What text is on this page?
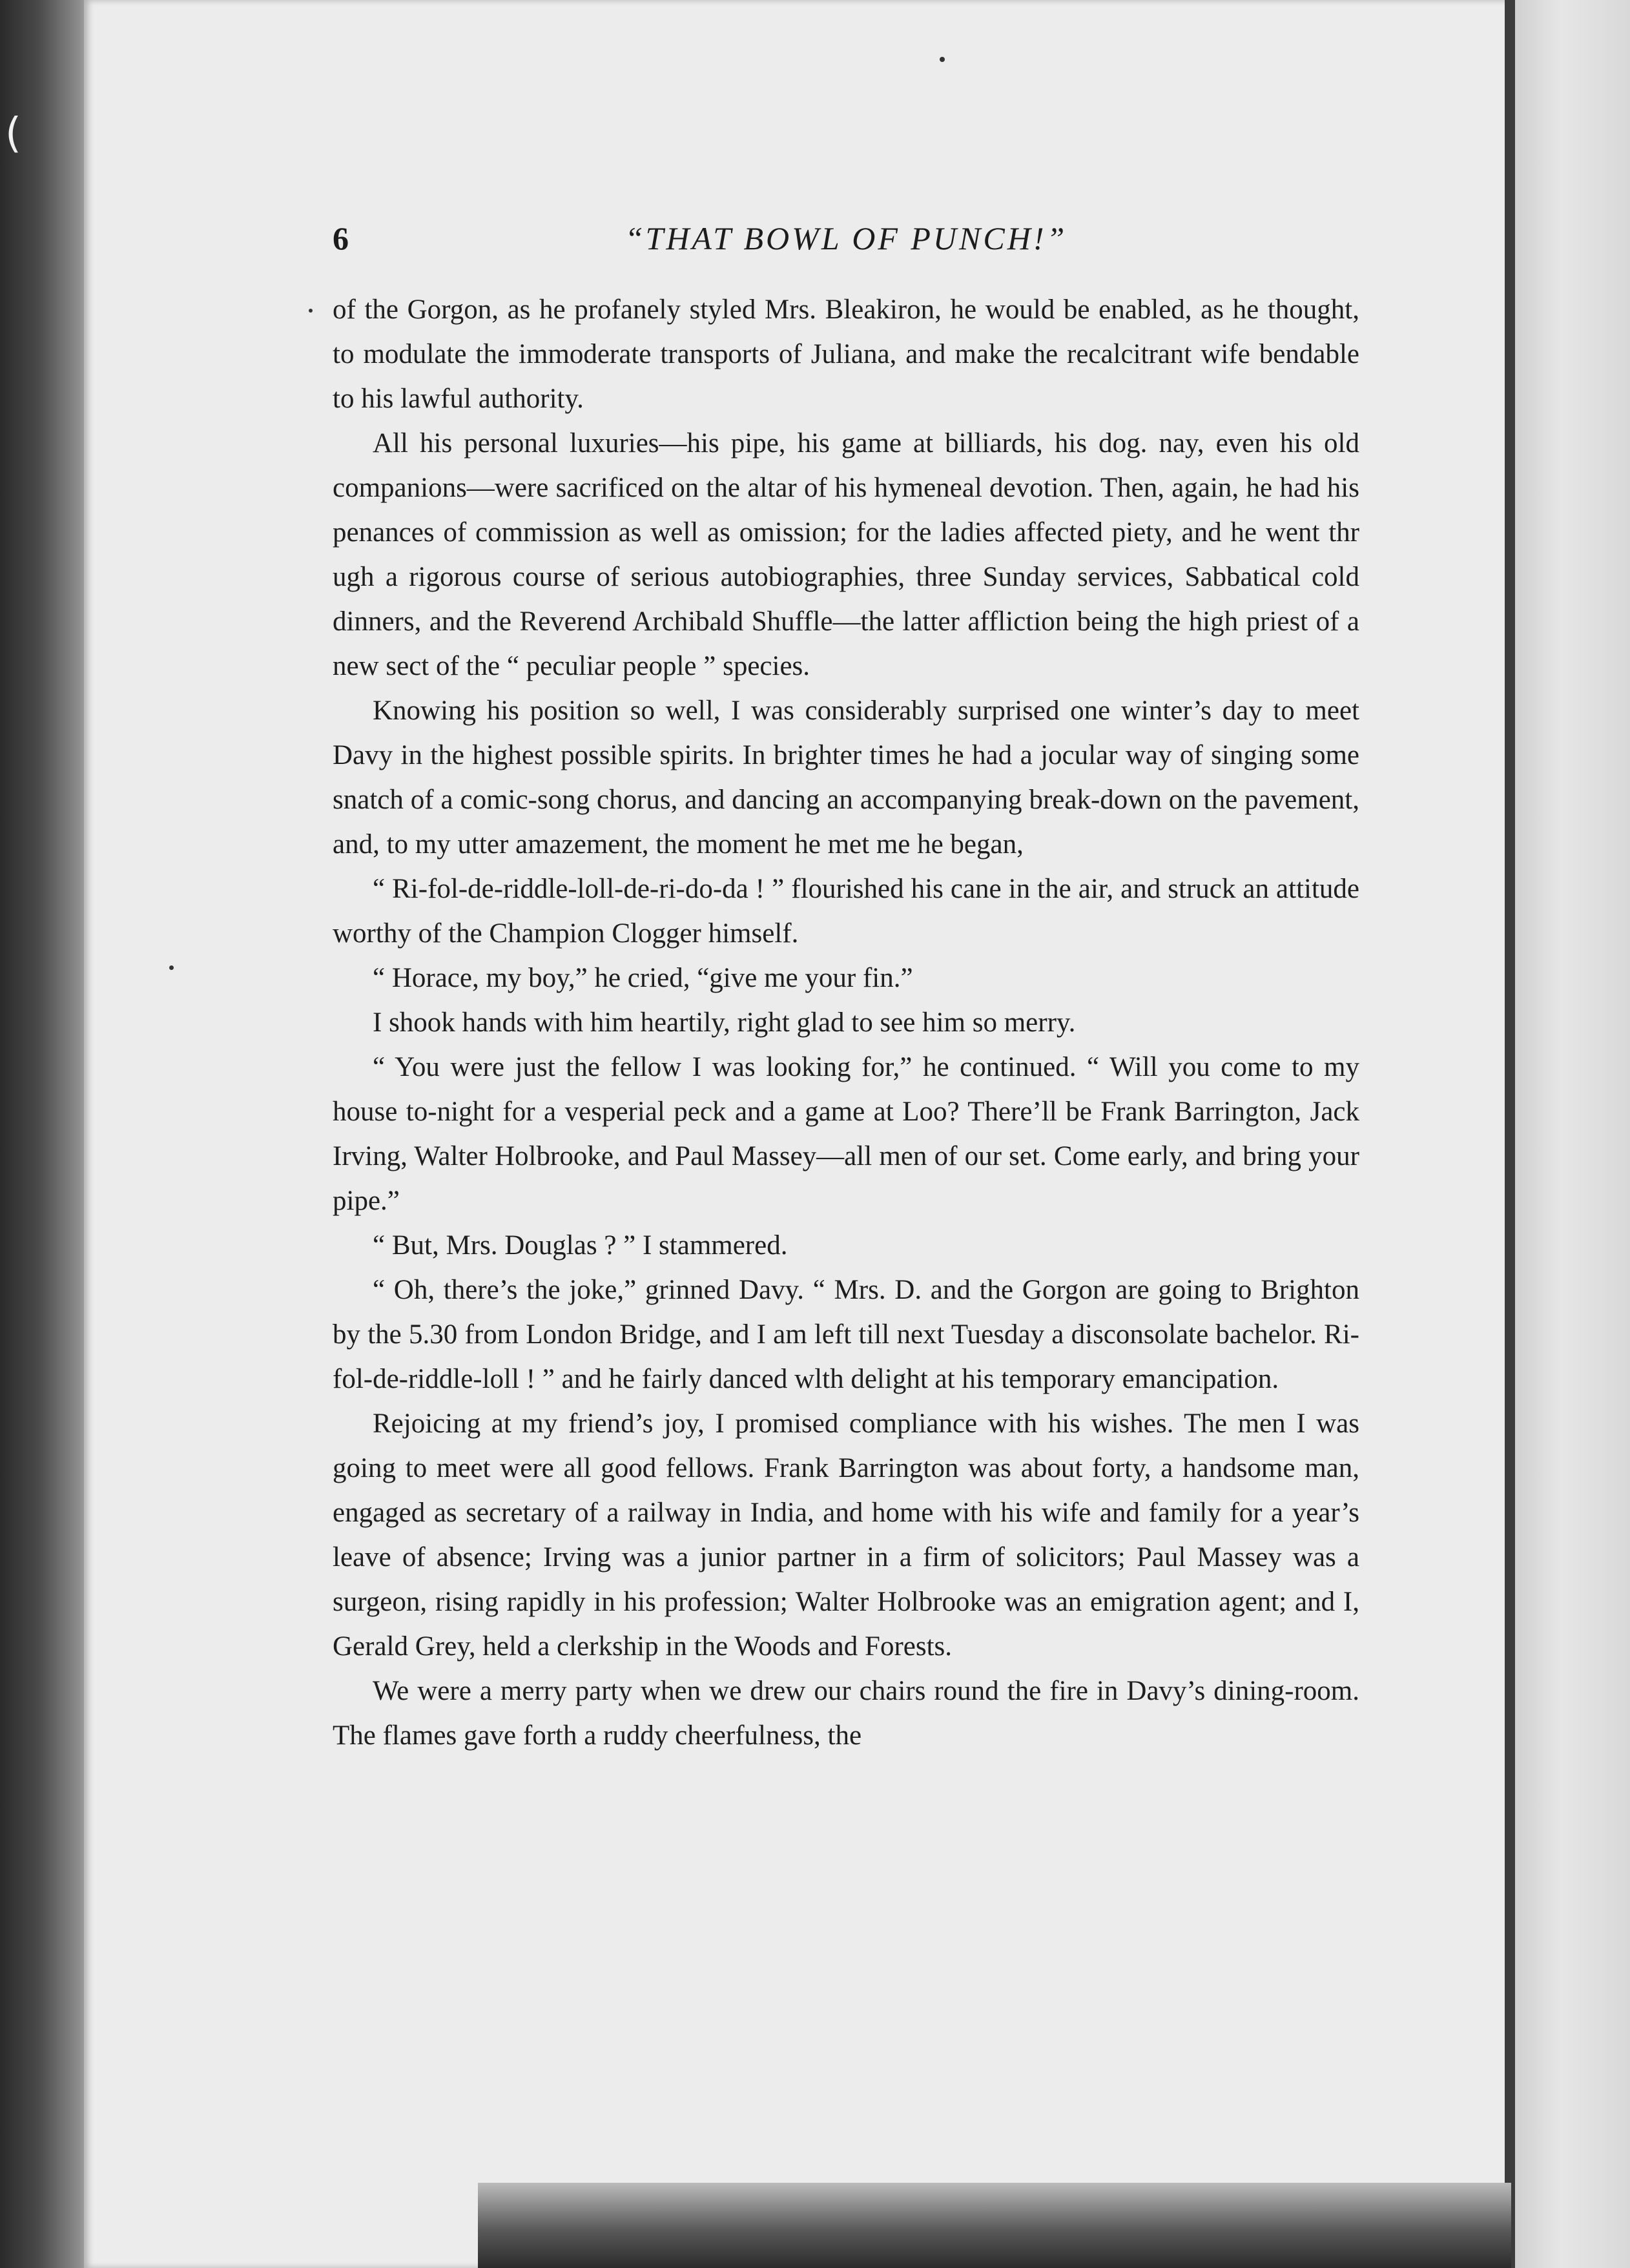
(
6	“THAT BOWL OF PUNCH!”

of the Gorgon, as he profanely styled Mrs. Bleakiron, he would be enabled, as he thought, to modulate the immoderate transports of Juliana, and make the recalcitrant wife bendable to his lawful authority.

All his personal luxuries—his pipe, his game at billiards, his dog. nay, even his old companions—were sacrificed on the altar of his hymeneal devotion. Then, again, he had his penances of commission as well as omission; for the ladies affected piety, and he went thr ugh a rigorous course of serious autobiographies, three Sunday services, Sabbatical cold dinners, and the Reverend Archibald Shuffle—the latter affliction being the high priest of a new sect of the “ peculiar people ” species.

Knowing his position so well, I was considerably surprised one winter’s day to meet Davy in the highest possible spirits. In brighter times he had a jocular way of singing some snatch of a comic-song chorus, and dancing an accompanying break-down on the pavement, and, to my utter amazement, the moment he met me he began,

“ Ri-fol-de-riddle-loll-de-ri-do-da ! ” flourished his cane in the air, and struck an attitude worthy of the Champion Clogger himself.

“ Horace, my boy,” he cried, “give me your fin.”

I shook hands with him heartily, right glad to see him so merry.

“ You were just the fellow I was looking for,” he continued. “ Will you come to my house to-night for a vesperial peck and a game at Loo? There’ll be Frank Barrington, Jack Irving, Walter Holbrooke, and Paul Massey—all men of our set. Come early, and bring your pipe.”

“ But, Mrs. Douglas ? ” I stammered.

“ Oh, there’s the joke,” grinned Davy. “ Mrs. D. and the Gorgon are going to Brighton by the 5.30 from London Bridge, and I am left till next Tuesday a disconsolate bachelor. Ri-fol-de-riddle-loll ! ” and he fairly danced wlth delight at his temporary emancipation.

Rejoicing at my friend’s joy, I promised compliance with his wishes. The men I was going to meet were all good fellows. Frank Barrington was about forty, a handsome man, engaged as secretary of a railway in India, and home with his wife and family for a year’s leave of absence; Irving was a junior partner in a firm of solicitors; Paul Massey was a surgeon, rising rapidly in his profession; Walter Holbrooke was an emigration agent; and I, Gerald Grey, held a clerkship in the Woods and Forests.

We were a merry party when we drew our chairs round the fire in Davy’s dining-room. The flames gave forth a ruddy cheerfulness, the
